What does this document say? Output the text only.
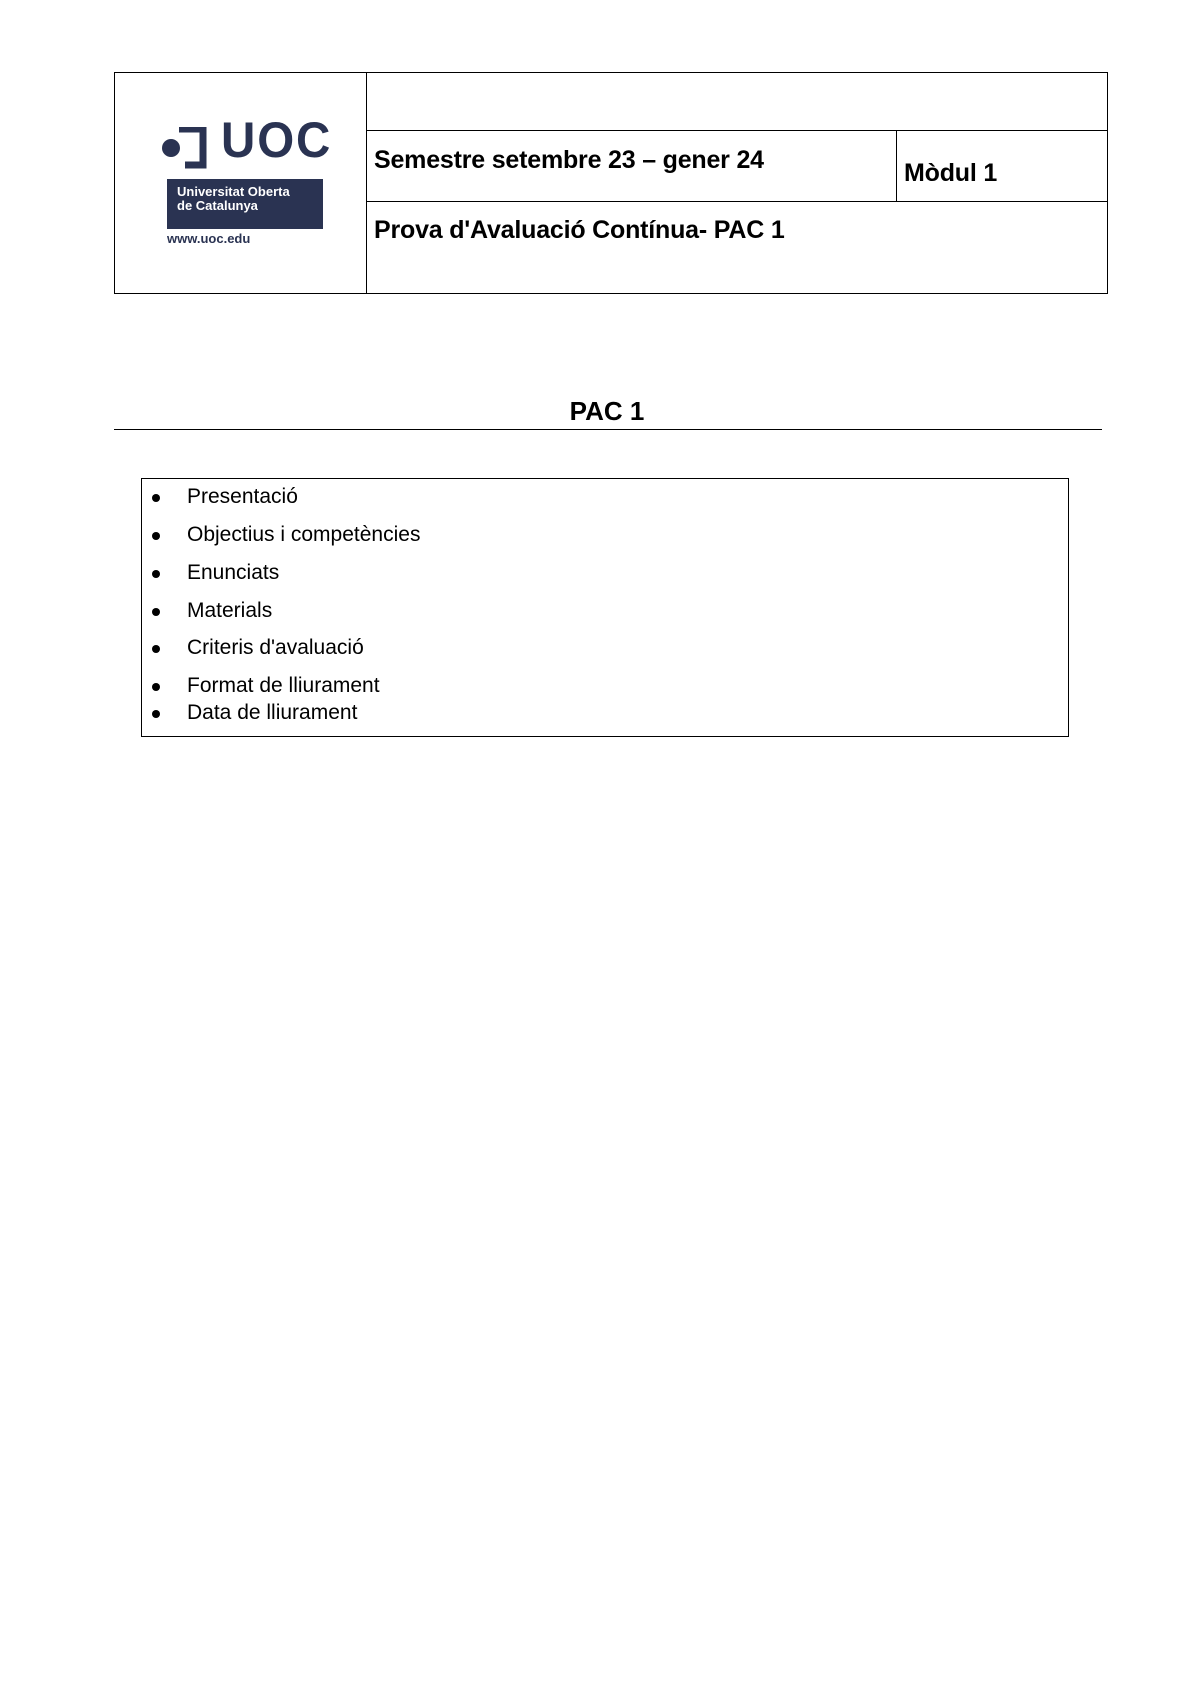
UOC
Universitat Oberta
de Catalunya
www.uoc.edu
Semestre setembre 23 – gener 24	Mòdul 1
Prova d'Avaluació Contínua- PAC 1
PAC 1
Presentació
Objectius i competències
Enunciats
Materials
Criteris d'avaluació
Format de lliurament
Data de lliurament
